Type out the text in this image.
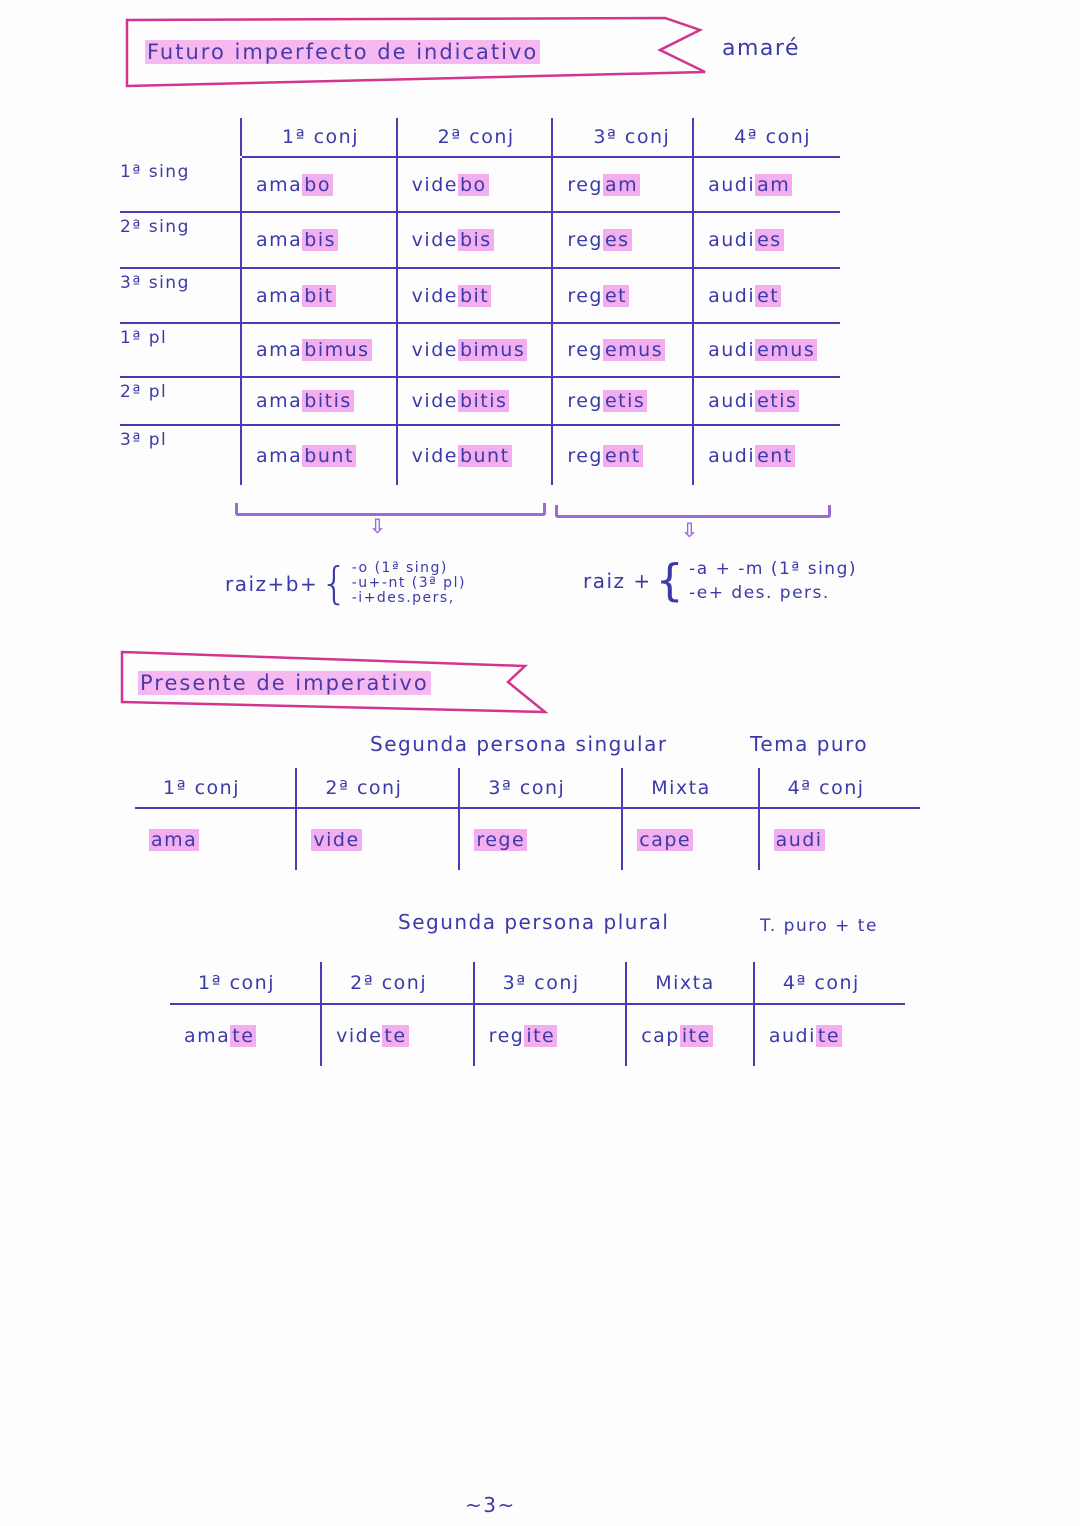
Futuro imperfecto de indicativo	amaré
	1ª conj	2ª conj	3ª conj	4ª conj
1ª sing	ama bo	vide bo	reg am	audi am
2ª sing	ama bis	vide bis	reg es	audi es
3ª sing	ama bit	vide bit	reg et	audi et
1ª pl	ama bimus	vide bimus	reg emus	audi emus
2ª pl	ama bitis	vide bitis	reg etis	audi etis
3ª pl	ama bunt	vide bunt	reg ent	audi ent
⇩	⇩
raiz+b+ { -o (1ª sing)
-u+-nt (3ª pl)
-i+des.pers,
raiz + { -a + -m (1ª sing)
-e+ des. pers.
Presente de imperativo
Segunda persona singular	Tema puro
1ª conj	2ª conj	3ª conj	Mixta	4ª conj
ama	vide	rege	cape	audi
Segunda persona plural	T. puro + te
1ª conj	2ª conj	3ª conj	Mixta	4ª conj
ama te	vide te	reg ite	cap ite	audi te
~3~
